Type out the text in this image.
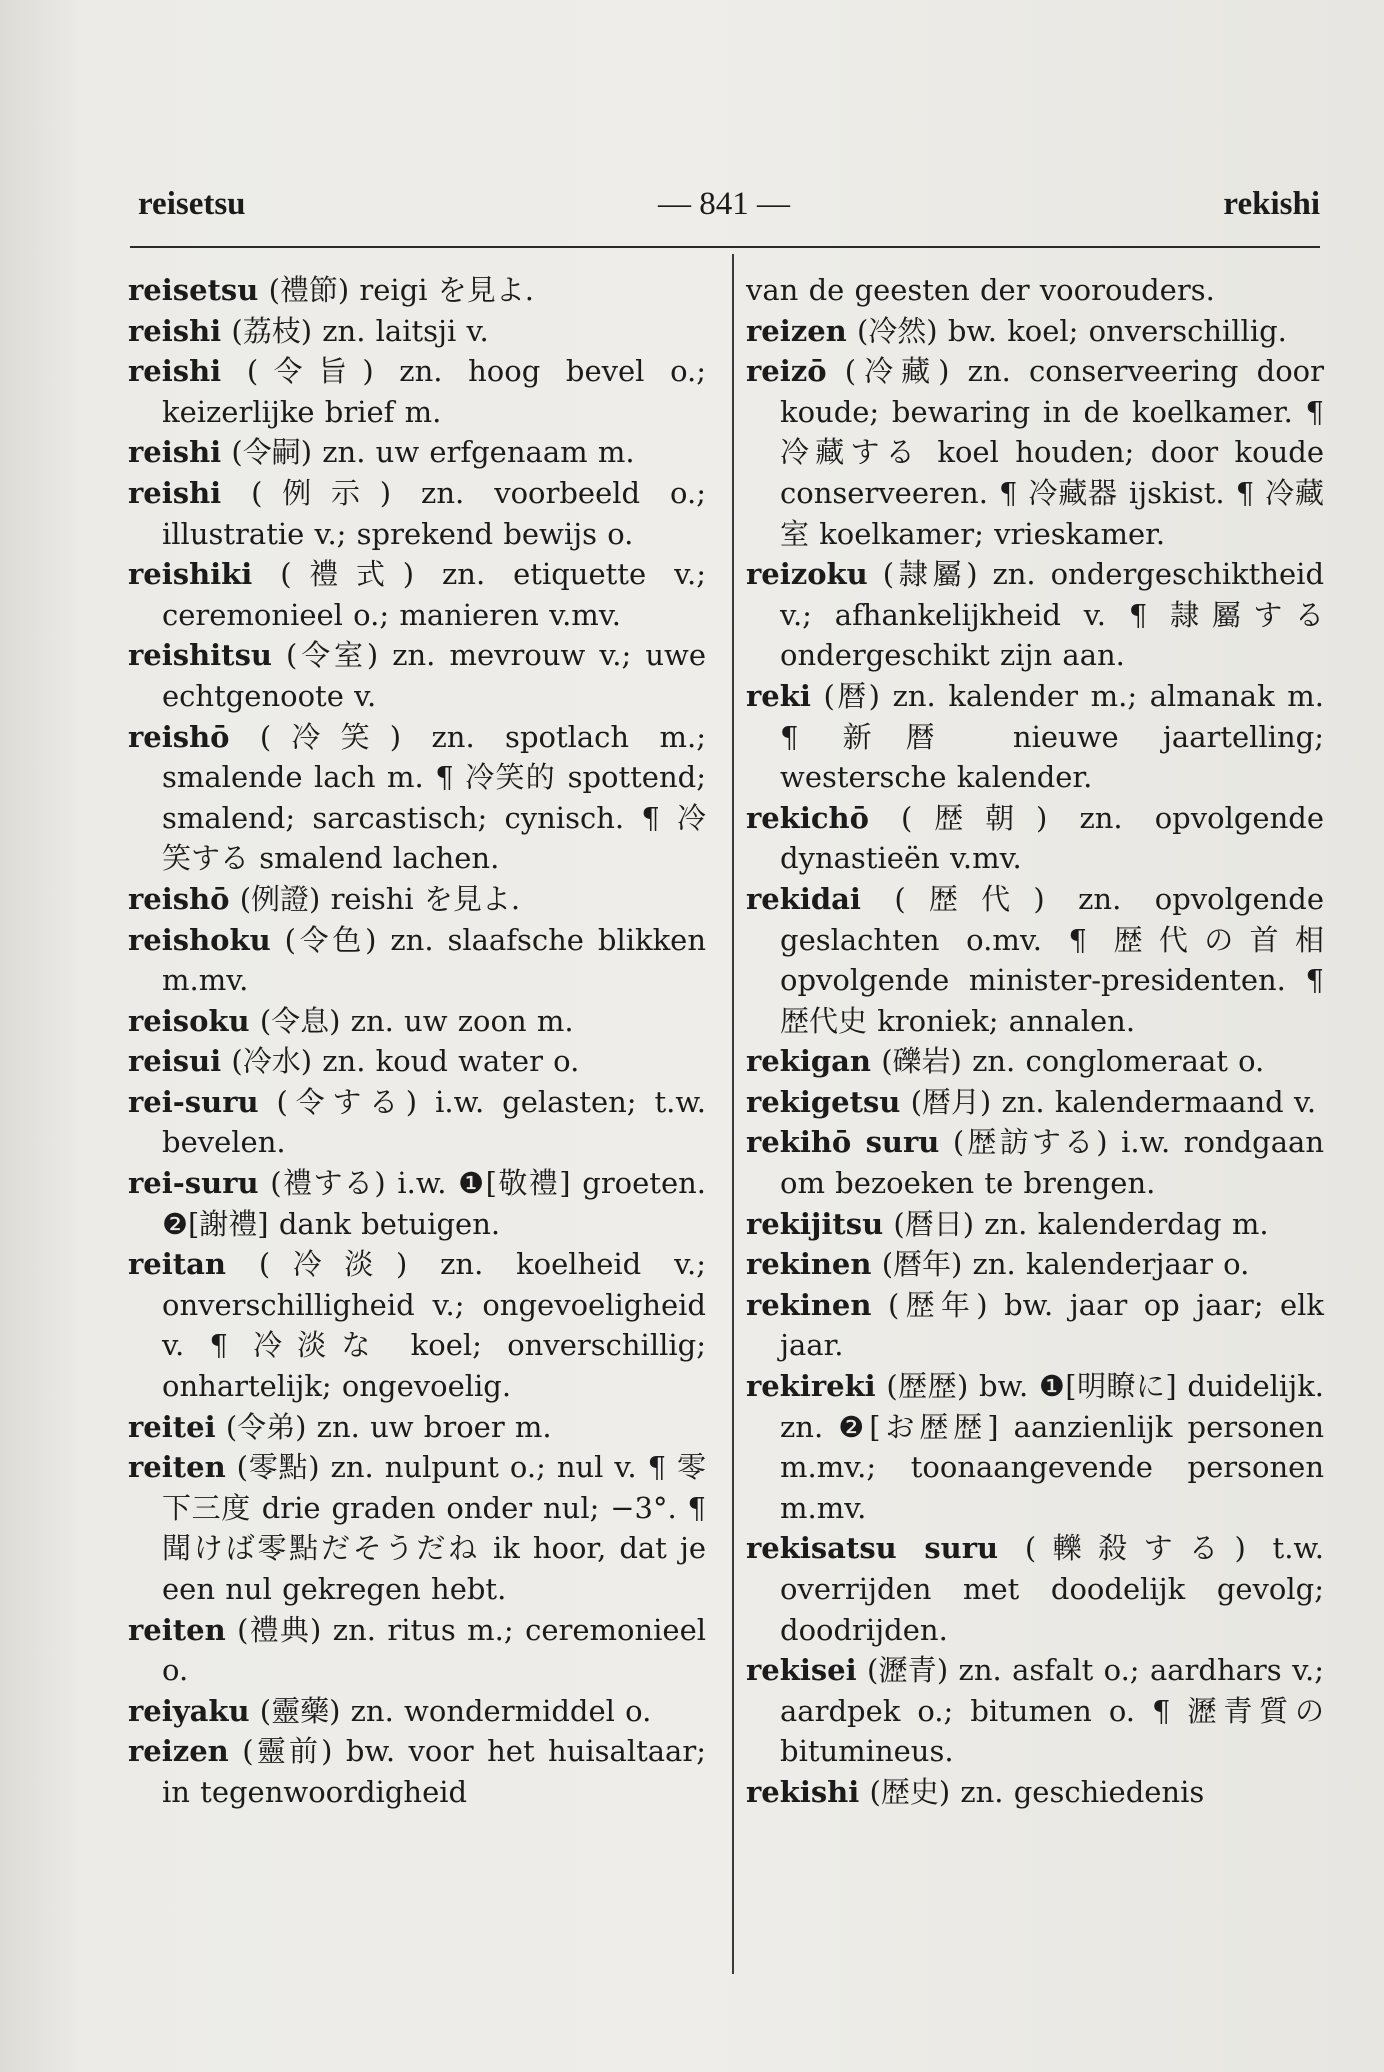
reisetsu	— 841 —	rekishi
reisetsu (禮節) reigi を見よ.
reishi (荔枝) zn. laitsji v.
reishi (令旨) zn. hoog bevel o.; keizerlijke brief m.
reishi (令嗣) zn. uw erfgenaam m.
reishi (例示) zn. voorbeeld o.; illustratie v.; sprekend bewijs o.
reishiki (禮式) zn. etiquette v.; ceremonieel o.; manieren v.mv.
reishitsu (令室) zn. mevrouw v.; uwe echtgenoote v.
reishō (冷笑) zn. spotlach m.; smalende lach m. ¶ 冷笑的 spottend; smalend; sarcastisch; cynisch. ¶ 冷笑する smalend lachen.
reishō (例證) reishi を見よ.
reishoku (令色) zn. slaafsche blikken m.mv.
reisoku (令息) zn. uw zoon m.
reisui (冷水) zn. koud water o.
rei-suru (令する) i.w. gelasten; t.w. bevelen.
rei-suru (禮する) i.w. ❶[敬禮] groeten. ❷[謝禮] dank betuigen.
reitan (冷淡) zn. koelheid v.; onverschilligheid v.; ongevoeligheid v. ¶ 冷淡な koel; onverschillig; onhartelijk; ongevoelig.
reitei (令弟) zn. uw broer m.
reiten (零點) zn. nulpunt o.; nul v. ¶ 零下三度 drie graden onder nul; −3°. ¶ 聞けば零點だそうだね ik hoor, dat je een nul gekregen hebt.
reiten (禮典) zn. ritus m.; ceremonieel o.
reiyaku (靈藥) zn. wondermiddel o.
reizen (靈前) bw. voor het huisaltaar; in tegenwoordigheid
van de geesten der voorouders.
reizen (冷然) bw. koel; onverschillig.
reizō (冷藏) zn. conserveering door koude; bewaring in de koelkamer. ¶ 冷藏する koel houden; door koude conserveeren. ¶ 冷藏器 ijskist. ¶ 冷藏室 koelkamer; vrieskamer.
reizoku (隷屬) zn. ondergeschiktheid v.; afhankelijkheid v. ¶ 隷屬する ondergeschikt zijn aan.
reki (暦) zn. kalender m.; almanak m. ¶ 新暦 nieuwe jaartelling; westersche kalender.
rekichō (歴朝) zn. opvolgende dynastieën v.mv.
rekidai (歴代) zn. opvolgende geslachten o.mv. ¶ 歴代の首相 opvolgende minister-presidenten. ¶ 歴代史 kroniek; annalen.
rekigan (礫岩) zn. conglomeraat o.
rekigetsu (暦月) zn. kalendermaand v.
rekihō suru (歴訪する) i.w. rondgaan om bezoeken te brengen.
rekijitsu (暦日) zn. kalenderdag m.
rekinen (暦年) zn. kalenderjaar o.
rekinen (歴年) bw. jaar op jaar; elk jaar.
rekireki (歴歴) bw. ❶[明瞭に] duidelijk. zn. ❷[お歴歴] aanzienlijk personen m.mv.; toonaangevende personen m.mv.
rekisatsu suru (轢殺する) t.w. overrijden met doodelijk gevolg; doodrijden.
rekisei (瀝青) zn. asfalt o.; aardhars v.; aardpek o.; bitumen o. ¶ 瀝青質の bitumineus.
rekishi (歴史) zn. geschiedenis
